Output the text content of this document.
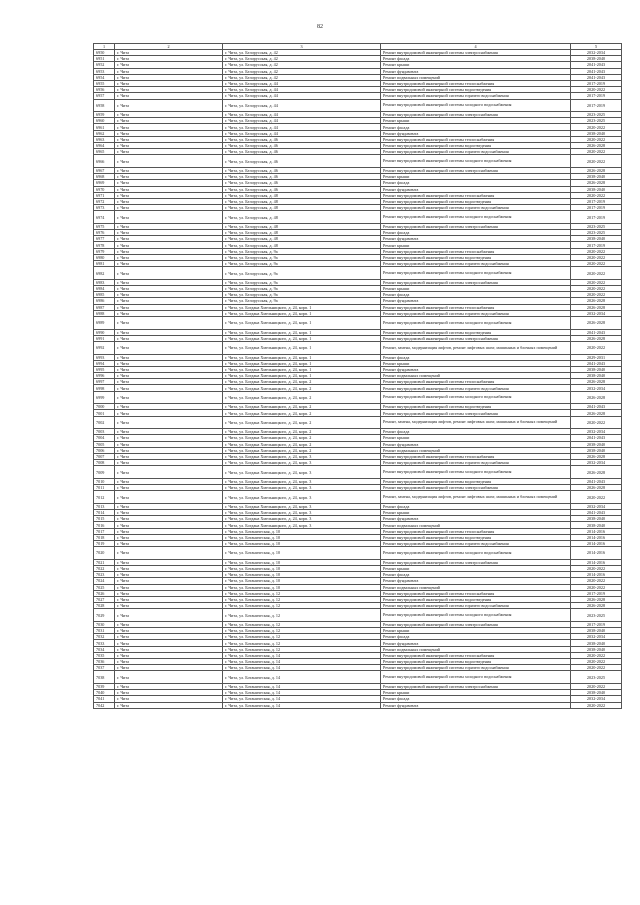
82
1	2	3	4	5
6950	г. Чита	г. Чита, ул. Белорусская, д. 42	Ремонт внутридомовой инженерной системы электроснабжения	2032-2034
6951	г. Чита	г. Чита, ул. Белорусская, д. 42	Ремонт фасада	2038-2040
6952	г. Чита	г. Чита, ул. Белорусская, д. 42	Ремонт крыши	2041-2043
6953	г. Чита	г. Чита, ул. Белорусская, д. 42	Ремонт фундамента	2041-2043
6954	г. Чита	г. Чита, ул. Белорусская, д. 42	Ремонт подвальных помещений	2041-2043
6955	г. Чита	г. Чита, ул. Белорусская, д. 44	Ремонт внутридомовой инженерной системы теплоснабжения	2017-2019
6956	г. Чита	г. Чита, ул. Белорусская, д. 44	Ремонт внутридомовой инженерной системы водоотведения	2020-2022
6957	г. Чита	г. Чита, ул. Белорусская, д. 44	Ремонт внутридомовой инженерной системы горячего водоснабжения	2017-2019
6958	г. Чита	г. Чита, ул. Белорусская, д. 44	Ремонт внутридомовой инженерной системы холодного водоснабжения	2017-2019
6959	г. Чита	г. Чита, ул. Белорусская, д. 44	Ремонт внутридомовой инженерной системы электроснабжения	2023-2025
6960	г. Чита	г. Чита, ул. Белорусская, д. 44	Ремонт крыши	2023-2025
6961	г. Чита	г. Чита, ул. Белорусская, д. 44	Ремонт фасада	2020-2022
6962	г. Чита	г. Чита, ул. Белорусская, д. 44	Ремонт фундамента	2038-2040
6963	г. Чита	г. Чита, ул. Белорусская, д. 46	Ремонт внутридомовой инженерной системы теплоснабжения	2020-2022
6964	г. Чита	г. Чита, ул. Белорусская, д. 46	Ремонт внутридомовой инженерной системы водоотведения	2026-2028
6965	г. Чита	г. Чита, ул. Белорусская, д. 46	Ремонт внутридомовой инженерной системы горячего водоснабжения	2020-2022
6966	г. Чита	г. Чита, ул. Белорусская, д. 46	Ремонт внутридомовой инженерной системы холодного водоснабжения	2020-2022
6967	г. Чита	г. Чита, ул. Белорусская, д. 46	Ремонт внутридомовой инженерной системы электроснабжения	2026-2028
6968	г. Чита	г. Чита, ул. Белорусская, д. 46	Ремонт крыши	2038-2040
6969	г. Чита	г. Чита, ул. Белорусская, д. 46	Ремонт фасада	2026-2028
6970	г. Чита	г. Чита, ул. Белорусская, д. 46	Ремонт фундамента	2038-2040
6971	г. Чита	г. Чита, ул. Белорусская, д. 48	Ремонт внутридомовой инженерной системы теплоснабжения	2020-2022
6972	г. Чита	г. Чита, ул. Белорусская, д. 48	Ремонт внутридомовой инженерной системы водоотведения	2017-2019
6973	г. Чита	г. Чита, ул. Белорусская, д. 48	Ремонт внутридомовой инженерной системы горячего водоснабжения	2017-2019
6974	г. Чита	г. Чита, ул. Белорусская, д. 48	Ремонт внутридомовой инженерной системы холодного водоснабжения	2017-2019
6975	г. Чита	г. Чита, ул. Белорусская, д. 48	Ремонт внутридомовой инженерной системы электроснабжения	2023-2025
6976	г. Чита	г. Чита, ул. Белорусская, д. 48	Ремонт фасада	2023-2025
6977	г. Чита	г. Чита, ул. Белорусская, д. 48	Ремонт фундамента	2038-2040
6978	г. Чита	г. Чита, ул. Белорусская, д. 48	Ремонт крыши	2017-2019
6979	г. Чита	г. Чита, ул. Белорусская, д. 9а	Ремонт внутридомовой инженерной системы теплоснабжения	2020-2022
6980	г. Чита	г. Чита, ул. Белорусская, д. 9а	Ремонт внутридомовой инженерной системы водоотведения	2020-2022
6981	г. Чита	г. Чита, ул. Белорусская, д. 9а	Ремонт внутридомовой инженерной системы горячего водоснабжения	2020-2022
6982	г. Чита	г. Чита, ул. Белорусская, д. 9а	Ремонт внутридомовой инженерной системы холодного водоснабжения	2020-2022
6983	г. Чита	г. Чита, ул. Белорусская, д. 9а	Ремонт внутридомовой инженерной системы электроснабжения	2020-2022
6984	г. Чита	г. Чита, ул. Белорусская, д. 9а	Ремонт крыши	2020-2022
6985	г. Чита	г. Чита, ул. Белорусская, д. 9а	Ремонт фасада	2020-2022
6986	г. Чита	г. Чита, ул. Белорусская, д. 9а	Ремонт фундамента	2026-2028
6987	г. Чита	г. Чита, ул. Богдана Хмельницкого, д. 24, корп. 1	Ремонт внутридомовой инженерной системы теплоснабжения	2026-2028
6988	г. Чита	г. Чита, ул. Богдана Хмельницкого, д. 24, корп. 1	Ремонт внутридомовой инженерной системы горячего водоснабжения	2032-2034
6989	г. Чита	г. Чита, ул. Богдана Хмельницкого, д. 24, корп. 1	Ремонт внутридомовой инженерной системы холодного водоснабжения	2026-2028
6990	г. Чита	г. Чита, ул. Богдана Хмельницкого, д. 24, корп. 1	Ремонт внутридомовой инженерной системы водоотведения	2041-2043
6991	г. Чита	г. Чита, ул. Богдана Хмельницкого, д. 24, корп. 1	Ремонт внутридомовой инженерной системы электроснабжения	2026-2028
6992	г. Чита	г. Чита, ул. Богдана Хмельницкого, д. 24, корп. 1	Ремонт, замена, модернизация лифтов, ремонт лифтовых шахт, машинных и блочных помещений	2020-2022
6993	г. Чита	г. Чита, ул. Богдана Хмельницкого, д. 24, корп. 1	Ремонт фасада	2029-2031
6994	г. Чита	г. Чита, ул. Богдана Хмельницкого, д. 24, корп. 1	Ремонт крыши	2041-2043
6995	г. Чита	г. Чита, ул. Богдана Хмельницкого, д. 24, корп. 1	Ремонт фундамента	2038-2040
6996	г. Чита	г. Чита, ул. Богдана Хмельницкого, д. 24, корп. 1	Ремонт подвальных помещений	2038-2040
6997	г. Чита	г. Чита, ул. Богдана Хмельницкого, д. 24, корп. 2	Ремонт внутридомовой инженерной системы теплоснабжения	2026-2028
6998	г. Чита	г. Чита, ул. Богдана Хмельницкого, д. 24, корп. 2	Ремонт внутридомовой инженерной системы горячего водоснабжения	2032-2034
6999	г. Чита	г. Чита, ул. Богдана Хмельницкого, д. 24, корп. 2	Ремонт внутридомовой инженерной системы холодного водоснабжения	2026-2028
7000	г. Чита	г. Чита, ул. Богдана Хмельницкого, д. 24, корп. 2	Ремонт внутридомовой инженерной системы водоотведения	2041-2043
7001	г. Чита	г. Чита, ул. Богдана Хмельницкого, д. 24, корп. 2	Ремонт внутридомовой инженерной системы электроснабжения	2026-2028
7002	г. Чита	г. Чита, ул. Богдана Хмельницкого, д. 24, корп. 2	Ремонт, замена, модернизация лифтов, ремонт лифтовых шахт, машинных и блочных помещений	2020-2022
7003	г. Чита	г. Чита, ул. Богдана Хмельницкого, д. 24, корп. 2	Ремонт фасада	2032-2034
7004	г. Чита	г. Чита, ул. Богдана Хмельницкого, д. 24, корп. 2	Ремонт крыши	2041-2043
7005	г. Чита	г. Чита, ул. Богдана Хмельницкого, д. 24, корп. 2	Ремонт фундамента	2038-2040
7006	г. Чита	г. Чита, ул. Богдана Хмельницкого, д. 24, корп. 2	Ремонт подвальных помещений	2038-2040
7007	г. Чита	г. Чита, ул. Богдана Хмельницкого, д. 24, корп. 3	Ремонт внутридомовой инженерной системы теплоснабжения	2026-2028
7008	г. Чита	г. Чита, ул. Богдана Хмельницкого, д. 24, корп. 3	Ремонт внутридомовой инженерной системы горячего водоснабжения	2032-2034
7009	г. Чита	г. Чита, ул. Богдана Хмельницкого, д. 24, корп. 3	Ремонт внутридомовой инженерной системы холодного водоснабжения	2026-2028
7010	г. Чита	г. Чита, ул. Богдана Хмельницкого, д. 24, корп. 3	Ремонт внутридомовой инженерной системы водоотведения	2041-2043
7011	г. Чита	г. Чита, ул. Богдана Хмельницкого, д. 24, корп. 3	Ремонт внутридомовой инженерной системы электроснабжения	2026-2028
7012	г. Чита	г. Чита, ул. Богдана Хмельницкого, д. 24, корп. 3	Ремонт, замена, модернизация лифтов, ремонт лифтовых шахт, машинных и блочных помещений	2020-2022
7013	г. Чита	г. Чита, ул. Богдана Хмельницкого, д. 24, корп. 3	Ремонт фасада	2032-2034
7014	г. Чита	г. Чита, ул. Богдана Хмельницкого, д. 24, корп. 3	Ремонт крыши	2041-2043
7015	г. Чита	г. Чита, ул. Богдана Хмельницкого, д. 24, корп. 3	Ремонт фундамента	2038-2040
7016	г. Чита	г. Чита, ул. Богдана Хмельницкого, д. 24, корп. 3	Ремонт подвальных помещений	2038-2040
7017	г. Чита	г. Чита, ул. Ботаническая, д. 10	Ремонт внутридомовой инженерной системы теплоснабжения	2014-2016
7018	г. Чита	г. Чита, ул. Ботаническая, д. 10	Ремонт внутридомовой инженерной системы водоотведения	2014-2016
7019	г. Чита	г. Чита, ул. Ботаническая, д. 10	Ремонт внутридомовой инженерной системы горячего водоснабжения	2014-2016
7020	г. Чита	г. Чита, ул. Ботаническая, д. 10	Ремонт внутридомовой инженерной системы холодного водоснабжения	2014-2016
7021	г. Чита	г. Чита, ул. Ботаническая, д. 10	Ремонт внутридомовой инженерной системы электроснабжения	2014-2016
7022	г. Чита	г. Чита, ул. Ботаническая, д. 10	Ремонт крыши	2020-2022
7023	г. Чита	г. Чита, ул. Ботаническая, д. 10	Ремонт фасада	2014-2016
7024	г. Чита	г. Чита, ул. Ботаническая, д. 10	Ремонт фундамента	2020-2022
7025	г. Чита	г. Чита, ул. Ботаническая, д. 10	Ремонт подвальных помещений	2020-2022
7026	г. Чита	г. Чита, ул. Ботаническая, д. 12	Ремонт внутридомовой инженерной системы теплоснабжения	2017-2019
7027	г. Чита	г. Чита, ул. Ботаническая, д. 12	Ремонт внутридомовой инженерной системы водоотведения	2026-2028
7028	г. Чита	г. Чита, ул. Ботаническая, д. 12	Ремонт внутридомовой инженерной системы горячего водоснабжения	2026-2028
7029	г. Чита	г. Чита, ул. Ботаническая, д. 12	Ремонт внутридомовой инженерной системы холодного водоснабжения	2023-2025
7030	г. Чита	г. Чита, ул. Ботаническая, д. 12	Ремонт внутридомовой инженерной системы электроснабжения	2017-2019
7031	г. Чита	г. Чита, ул. Ботаническая, д. 12	Ремонт крыши	2038-2040
7032	г. Чита	г. Чита, ул. Ботаническая, д. 12	Ремонт фасада	2032-2034
7033	г. Чита	г. Чита, ул. Ботаническая, д. 12	Ремонт фундамента	2038-2040
7034	г. Чита	г. Чита, ул. Ботаническая, д. 12	Ремонт подвальных помещений	2038-2040
7035	г. Чита	г. Чита, ул. Ботаническая, д. 14	Ремонт внутридомовой инженерной системы теплоснабжения	2020-2022
7036	г. Чита	г. Чита, ул. Ботаническая, д. 14	Ремонт внутридомовой инженерной системы водоотведения	2020-2022
7037	г. Чита	г. Чита, ул. Ботаническая, д. 14	Ремонт внутридомовой инженерной системы горячего водоснабжения	2020-2022
7038	г. Чита	г. Чита, ул. Ботаническая, д. 14	Ремонт внутридомовой инженерной системы холодного водоснабжения	2023-2025
7039	г. Чита	г. Чита, ул. Ботаническая, д. 14	Ремонт внутридомовой инженерной системы электроснабжения	2020-2022
7040	г. Чита	г. Чита, ул. Ботаническая, д. 14	Ремонт крыши	2038-2040
7041	г. Чита	г. Чита, ул. Ботаническая, д. 14	Ремонт фасада	2032-2034
7042	г. Чита	г. Чита, ул. Ботаническая, д. 14	Ремонт фундамента	2020-2022
